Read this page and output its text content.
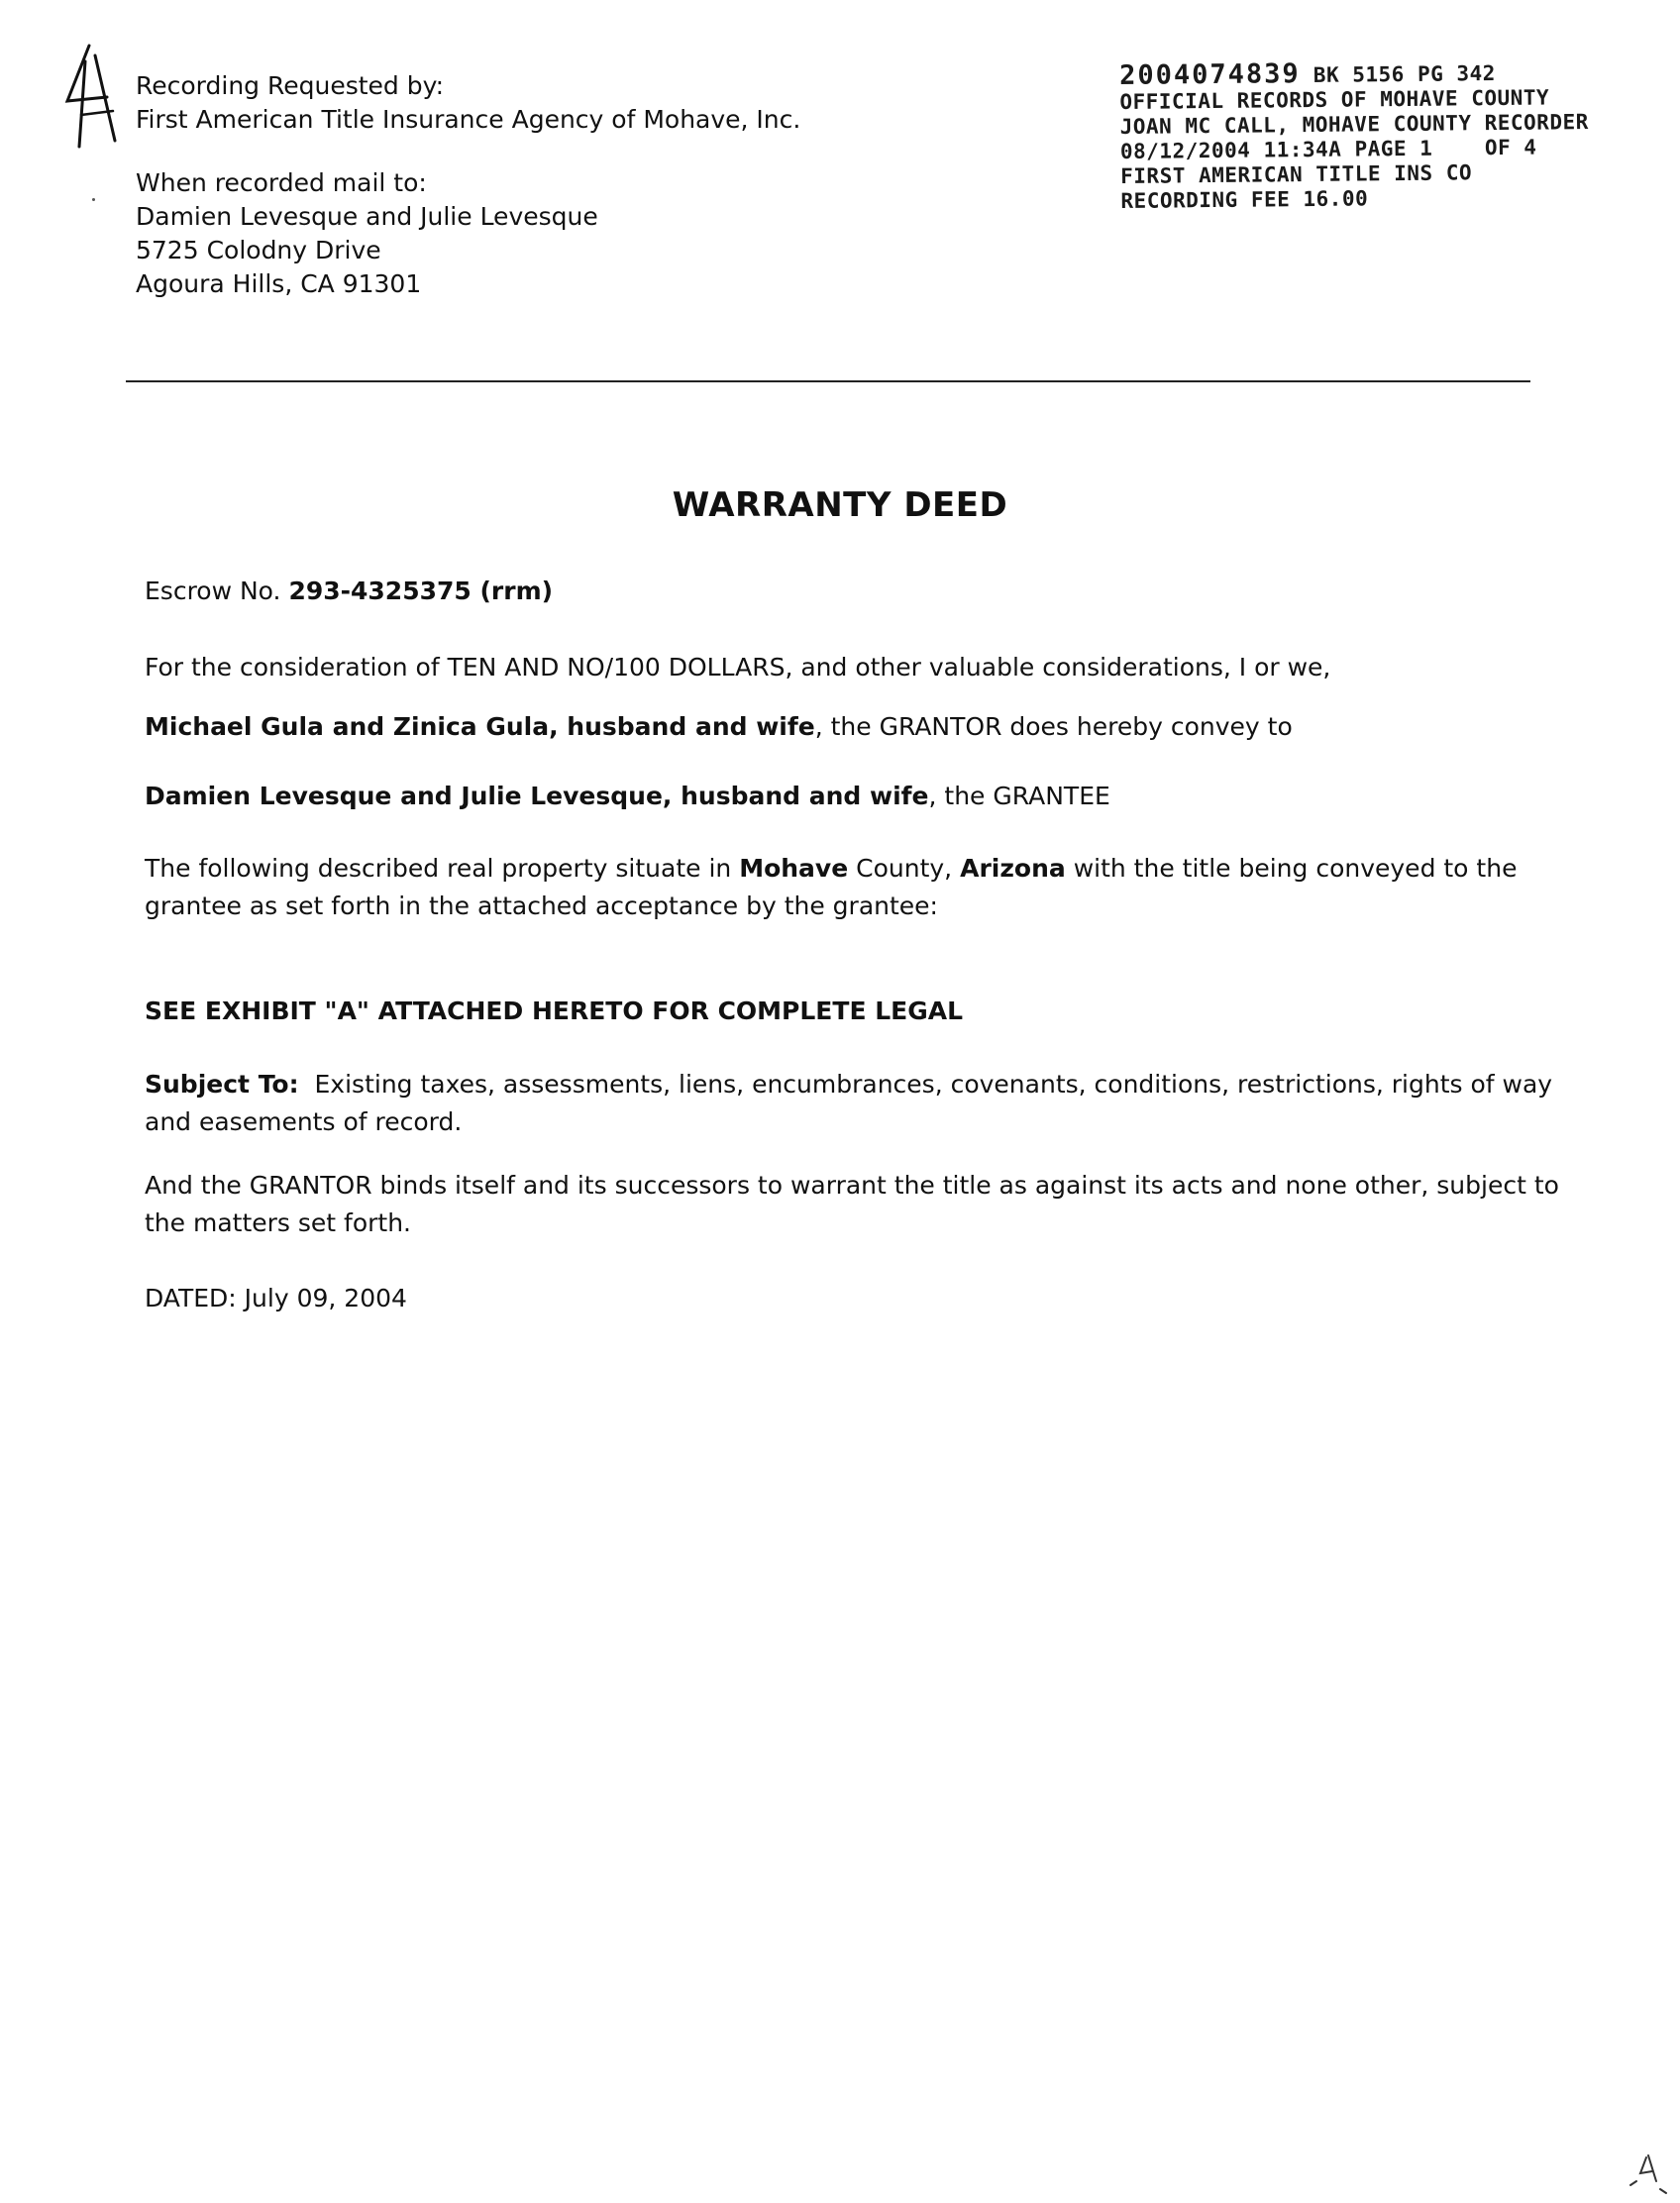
Recording Requested by:
First American Title Insurance Agency of Mohave, Inc.
When recorded mail to:
Damien Levesque and Julie Levesque
5725 Colodny Drive
Agoura Hills, CA 91301
2004074839 BK 5156 PG 342
OFFICIAL RECORDS OF MOHAVE COUNTY
JOAN MC CALL, MOHAVE COUNTY RECORDER
08/12/2004 11:34A PAGE 1 OF 4
FIRST AMERICAN TITLE INS CO
RECORDING FEE 16.00
WARRANTY DEED
Escrow No. 293-4325375 (rrm)
For the consideration of TEN AND NO/100 DOLLARS, and other valuable considerations, I or we,
Michael Gula and Zinica Gula, husband and wife, the GRANTOR does hereby convey to
Damien Levesque and Julie Levesque, husband and wife, the GRANTEE
The following described real property situate in Mohave County, Arizona with the title being conveyed to the
grantee as set forth in the attached acceptance by the grantee:
SEE EXHIBIT "A" ATTACHED HERETO FOR COMPLETE LEGAL
Subject To: Existing taxes, assessments, liens, encumbrances, covenants, conditions, restrictions, rights of way
and easements of record.
And the GRANTOR binds itself and its successors to warrant the title as against its acts and none other, subject to
the matters set forth.
DATED: July 09, 2004
